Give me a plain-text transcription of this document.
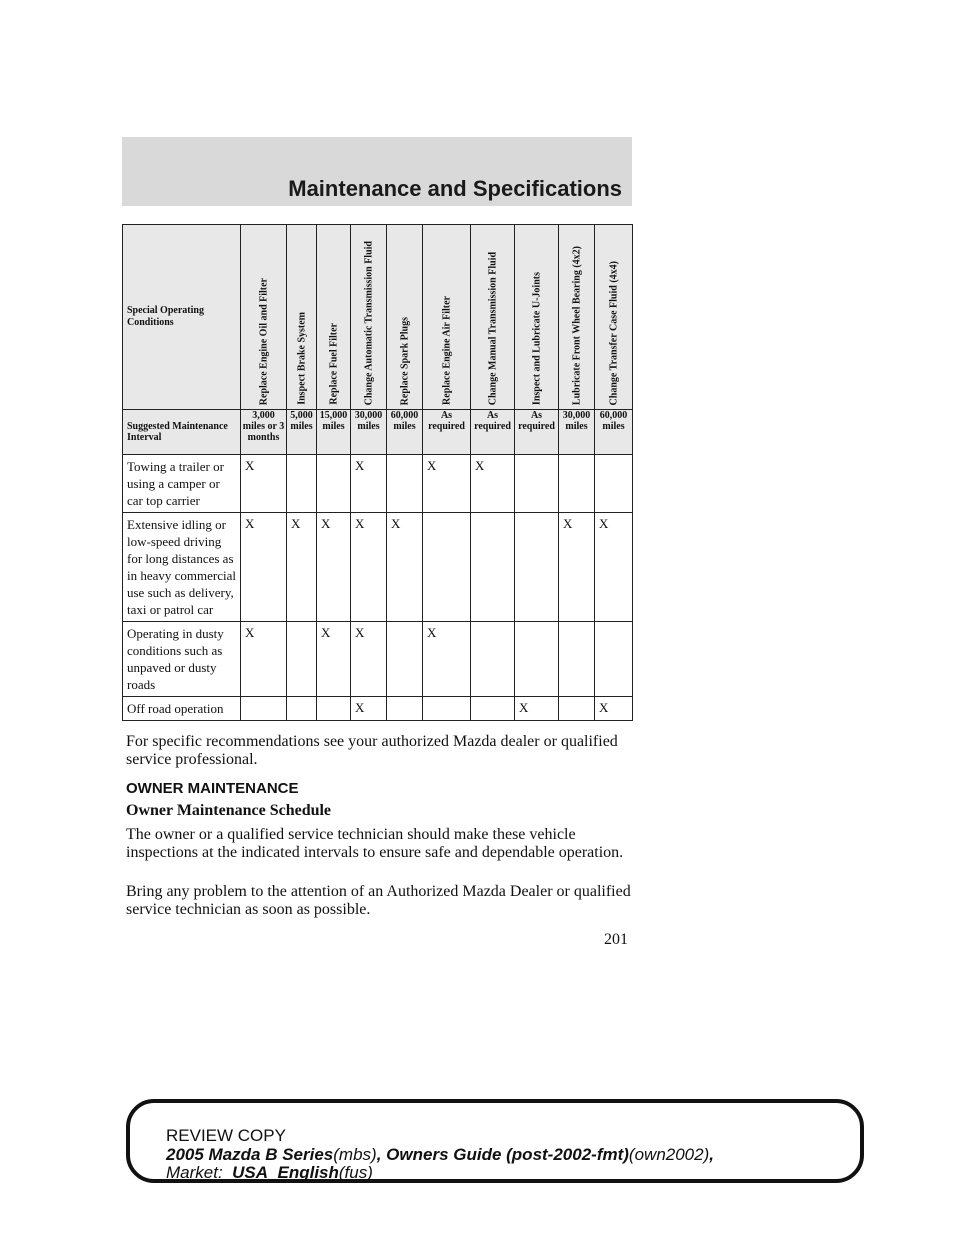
Maintenance and Specifications
Special Operating Conditions	Replace Engine Oil and Filter	Inspect Brake System	Replace Fuel Filter	Change Automatic Transmission Fluid	Replace Spark Plugs	Replace Engine Air Filter	Change Manual Transmission Fluid	Inspect and Lubricate U-Joints	Lubricate Front Wheel Bearing (4x2)	Change Transfer Case Fluid (4x4)

Suggested Maintenance Interval	3,000 miles or 3 months	5,000 miles	15,000 miles	30,000 miles	60,000 miles	As required	As required	As required	30,000 miles	60,000 miles
Towing a trailer or using a camper or car top carrier	X			X		X	X			
Extensive idling or low-speed driving for long distances as in heavy commercial use such as delivery, taxi or patrol car	X	X	X	X	X				X	X
Operating in dusty conditions such as unpaved or dusty roads	X		X	X		X				
Off road operation				X				X		X

For specific recommendations see your authorized Mazda dealer or qualified service professional.

OWNER MAINTENANCE

Owner Maintenance Schedule

The owner or a qualified service technician should make these vehicle inspections at the indicated intervals to ensure safe and dependable operation.

Bring any problem to the attention of an Authorized Mazda Dealer or qualified service technician as soon as possible.

201
REVIEW COPY
2005 Mazda B Series(mbs), Owners Guide (post-2002-fmt)(own2002),
Market: USA_English(fus)
